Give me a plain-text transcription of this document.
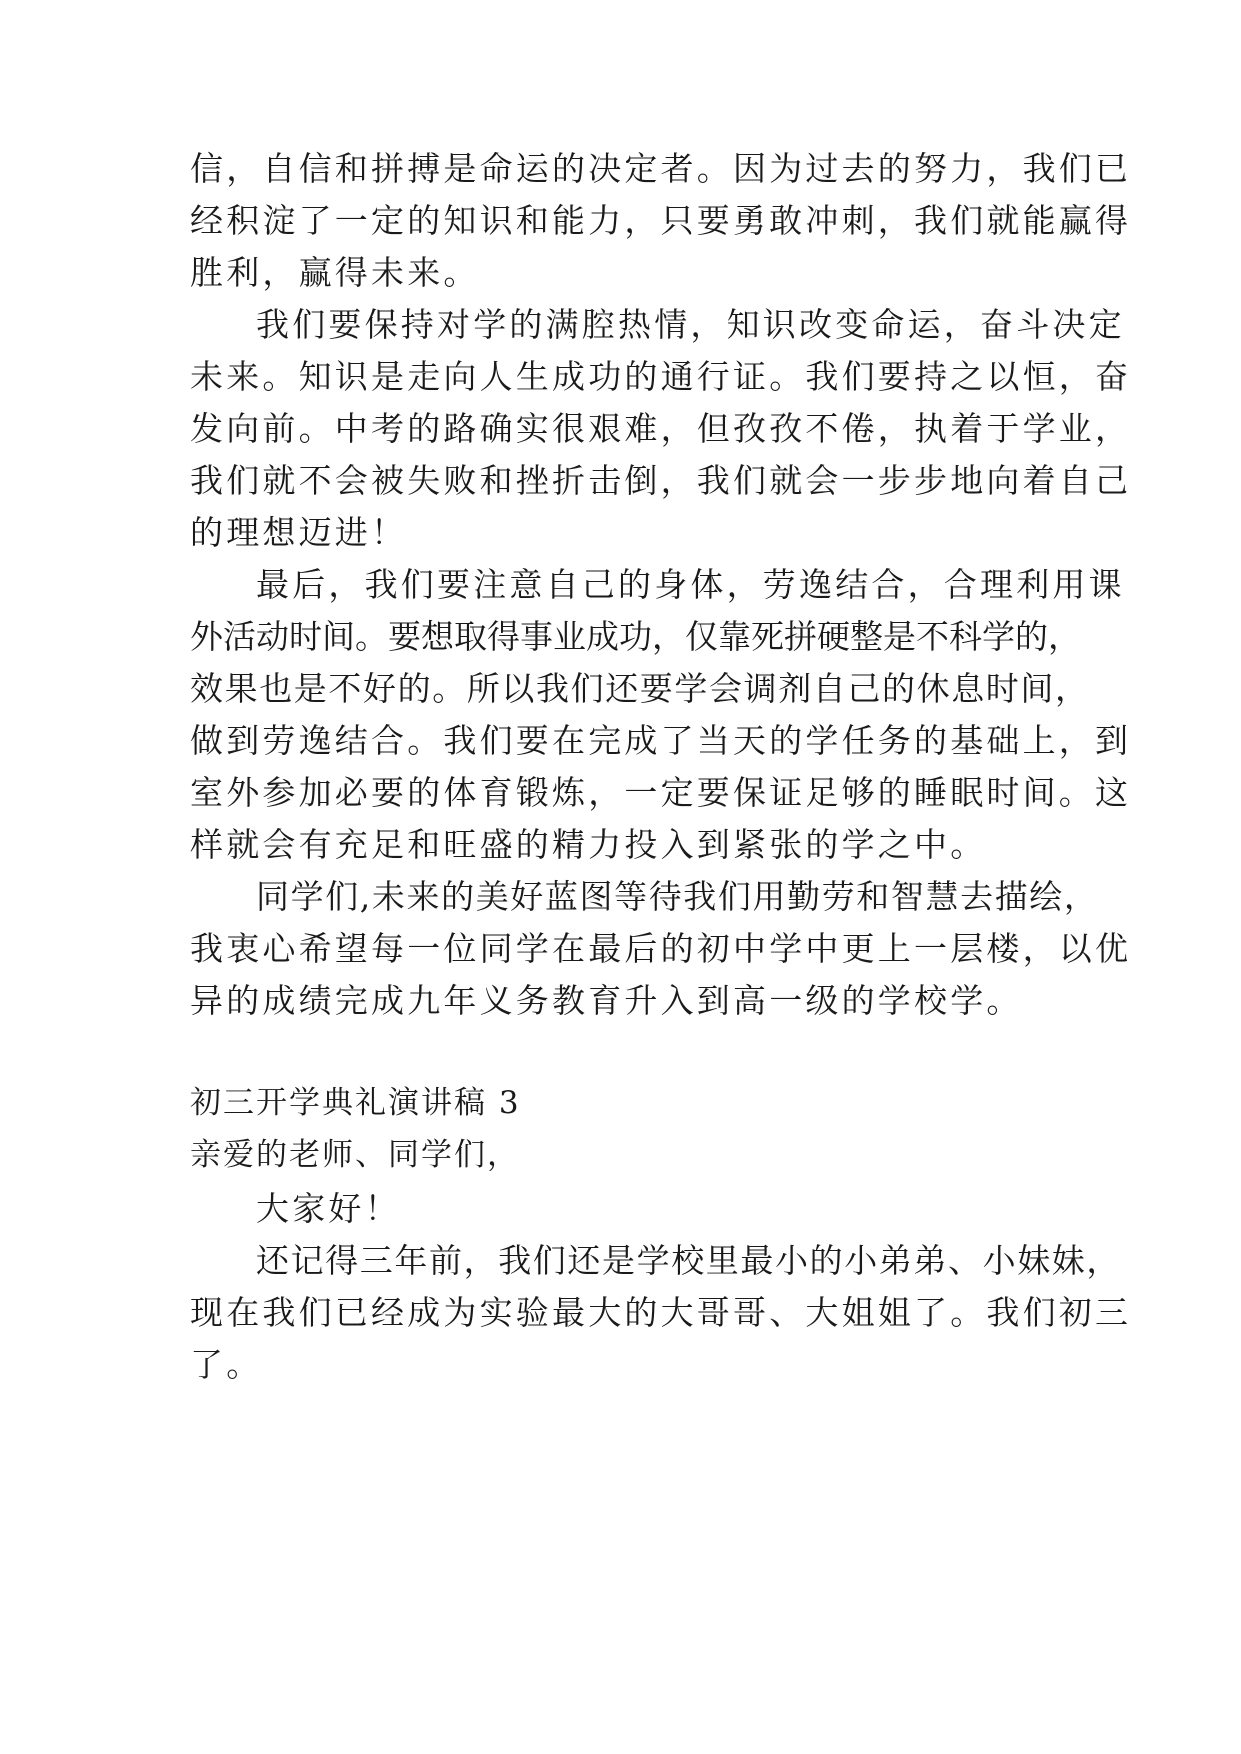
信，自信和拼搏是命运的决定者。因为过去的努力，我们已
经积淀了一定的知识和能力，只要勇敢冲刺，我们就能赢得
胜利，赢得未来。
我们要保持对学的满腔热情，知识改变命运，奋斗决定
未来。知识是走向人生成功的通行证。我们要持之以恒，奋
发向前。中考的路确实很艰难，但孜孜不倦，执着于学业，
我们就不会被失败和挫折击倒，我们就会一步步地向着自己
的理想迈进！
最后，我们要注意自己的身体，劳逸结合，合理利用课
外活动时间。要想取得事业成功，仅靠死拼硬整是不科学的，
效果也是不好的。所以我们还要学会调剂自己的休息时间，
做到劳逸结合。我们要在完成了当天的学任务的基础上，到
室外参加必要的体育锻炼，一定要保证足够的睡眠时间。这
样就会有充足和旺盛的精力投入到紧张的学之中。
同学们,未来的美好蓝图等待我们用勤劳和智慧去描绘，
我衷心希望每一位同学在最后的初中学中更上一层楼，以优
异的成绩完成九年义务教育升入到高一级的学校学。
初三开学典礼演讲稿 3
亲爱的老师、同学们，
大家好！
还记得三年前，我们还是学校里最小的小弟弟、小妹妹，
现在我们已经成为实验最大的大哥哥、大姐姐了。我们初三
了。
